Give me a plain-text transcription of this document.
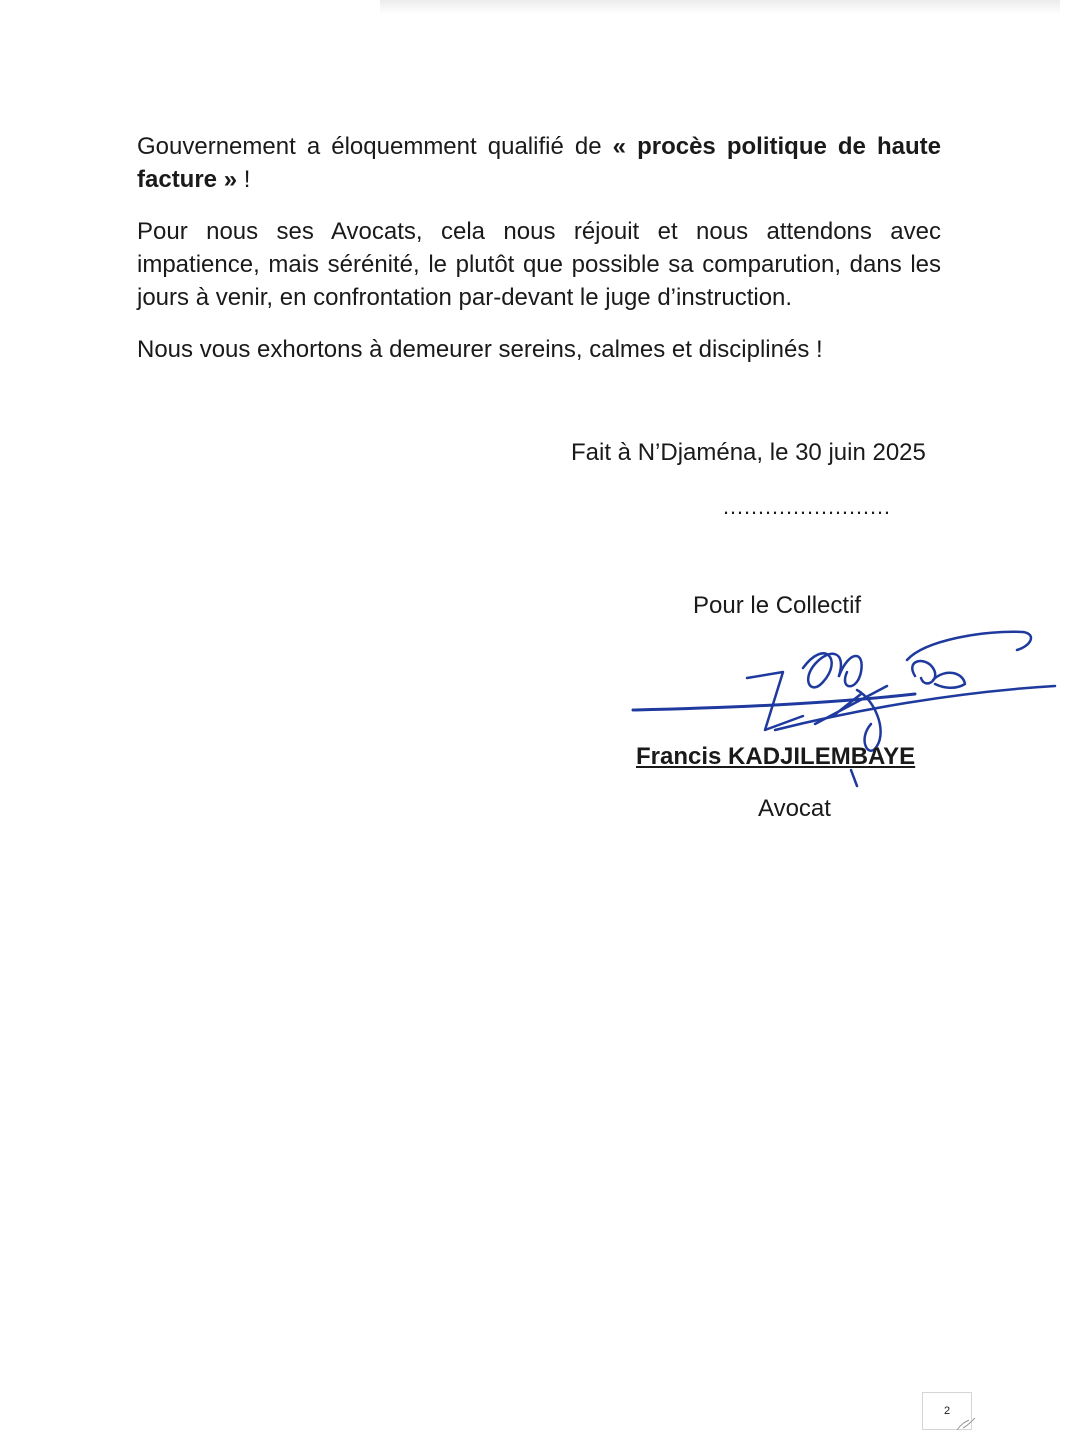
Gouvernement a éloquemment qualifié de « procès politique de haute facture » !

Pour nous ses Avocats, cela nous réjouit et nous attendons avec impatience, mais sérénité, le plutôt que possible sa comparution, dans les jours à venir, en confrontation par-devant le juge d’instruction.

Nous vous exhortons à demeurer sereins, calmes et disciplinés !

Fait à N’Djaména, le 30 juin 2025
……………………
Pour le Collectif
Francis KADJILEMBAYE
Avocat
2
